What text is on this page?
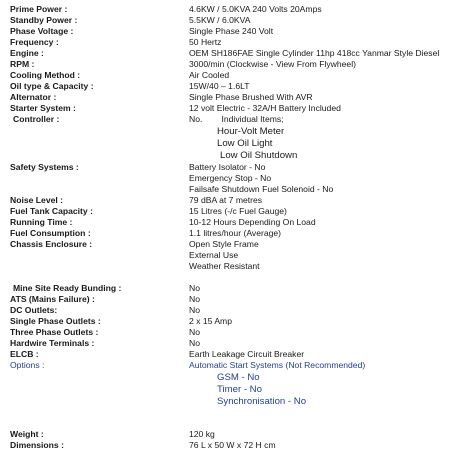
Prime Power :	4.6KW / 5.0KVA 240 Volts 20Amps
Standby Power :	5.5KW / 6.0KVA
Phase Voltage :	Single Phase 240 Volt
Frequency :	50 Hertz
Engine :	OEM SH186FAE Single Cylinder 11hp 418cc Yanmar Style Diesel
RPM :	3000/min (Clockwise - View From Flywheel)
Cooling Method :	Air Cooled
Oil type & Capacity :	15W/40 – 1.6LT
Alternator :	Single Phase Brushed With AVR
Starter System :	12 volt Electric - 32A/H Battery Included
Controller :	No.        Individual Items;
Hour-Volt Meter
Low Oil Light
Low Oil Shutdown
Safety Systems :	Battery Isolator - No
Emergency Stop - No
Failsafe Shutdown Fuel Solenoid - No
Noise Level :	79 dBA at 7 metres
Fuel Tank Capacity :	15 Litres (-/c Fuel Gauge)
Running Time :	10-12 Hours Depending On Load
Fuel Consumption :	1.1 litres/hour (Average)
Chassis Enclosure :	Open Style Frame
External Use
Weather Resistant
Mine Site Ready Bunding :	No
ATS (Mains Failure) :	No
DC Outlets:	No
Single Phase Outlets :	2 x 15 Amp
Three Phase Outlets :	No
Hardwire Terminals :	No
ELCB :	Earth Leakage Circuit Breaker
Options :	Automatic Start Systems (Not Recommended)
GSM - No
Timer - No
Synchronisation - No
Weight :	120 kg
Dimensions :	76 L x 50 W x 72 H cm
